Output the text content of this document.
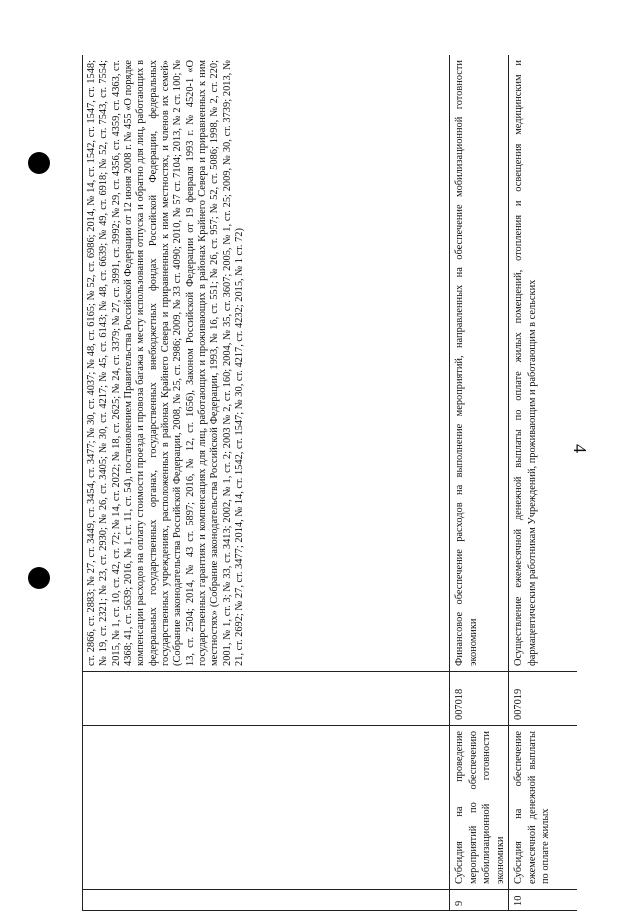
4
ст. 2866, ст. 2883; № 27, ст. 3449, ст. 3454, ст. 3477; № 30, ст. 4037; № 48, ст. 6165; № 52, ст. 6986; 2014, № 14, ст. 1542, ст. 1547, ст. 1548; № 19, ст. 2321; № 23, ст. 2930; № 26, ст. 3405; № 30, ст. 4217; № 45, ст. 6143; № 48, ст. 6639; № 49, ст. 6918; № 52, ст. 7543, ст. 7554; 2015, № 1, ст. 10, ст. 42, ст. 72; № 14, ст. 2022; № 18, ст. 2625; № 24, ст. 3379; № 27, ст. 3991, ст. 3992; № 29, ст. 4356, ст. 4359, ст. 4363, ст. 4368; 41, ст. 5639; 2016, № 1, ст. 11, ст. 54), постановлением Правительства Российской Федерации от 12 июня 2008 г. № 455 «О порядке компенсации расходов на оплату стоимости проезда и провоза багажа к месту использования отпуска и обратно для лиц, работающих в федеральных государственных органах, государственных внебюджетных фондах Российской Федерации, федеральных государственных учреждениях, расположенных в районах Крайнего Севера и приравненных к ним местностях, и членов их семей» (Собрание законодательства Российской Федерации, 2008, № 25, ст. 2986; 2009, № 33 ст. 4090; 2010, № 57 ст. 7104; 2013, № 2 ст. 100; № 13, ст. 2504; 2014, № 43 ст. 5897; 2016, № 12, ст. 1656), Законом Российской Федерации от 19 февраля 1993 г. № 4520-1 «О государственных гарантиях и компенсациях для лиц, работающих и проживающих в районах Крайнего Севера и приравненных к ним местностях» (Собрание законодательства Российской Федерации, 1993, № 16, ст. 551; № 26, ст. 957; № 52, ст. 5086; 1998, № 2, ст. 220; 2001, № 1, ст. 3; № 33, ст. 3413; 2002, № 1, ст. 2; 2003 № 2, ст. 160; 2004, № 35, ст. 3607; 2005, № 1, ст. 25; 2009, № 30, ст. 3739; 2013, № 21, ст. 2692; № 27, ст. 3477; 2014, № 14, ст. 1542, ст. 1547; № 30, ст. 4217, ст. 4232; 2015, № 1 ст. 72)
9
Субсидия на проведение мероприятий по обеспечению мобилизационной готовности экономики
007018
Финансовое обеспечение расходов на выполнение мероприятий, направленных на обеспечение мобилизационной готовности экономики
10
Субсидия на обеспечение ежемесячной денежной выплаты по оплате жилых
007019
Осуществление ежемесячной денежной выплаты по оплате жилых помещений, отопления и освещения медицинским и фармацевтическим работникам Учреждений, проживающим и работающим в сельских
